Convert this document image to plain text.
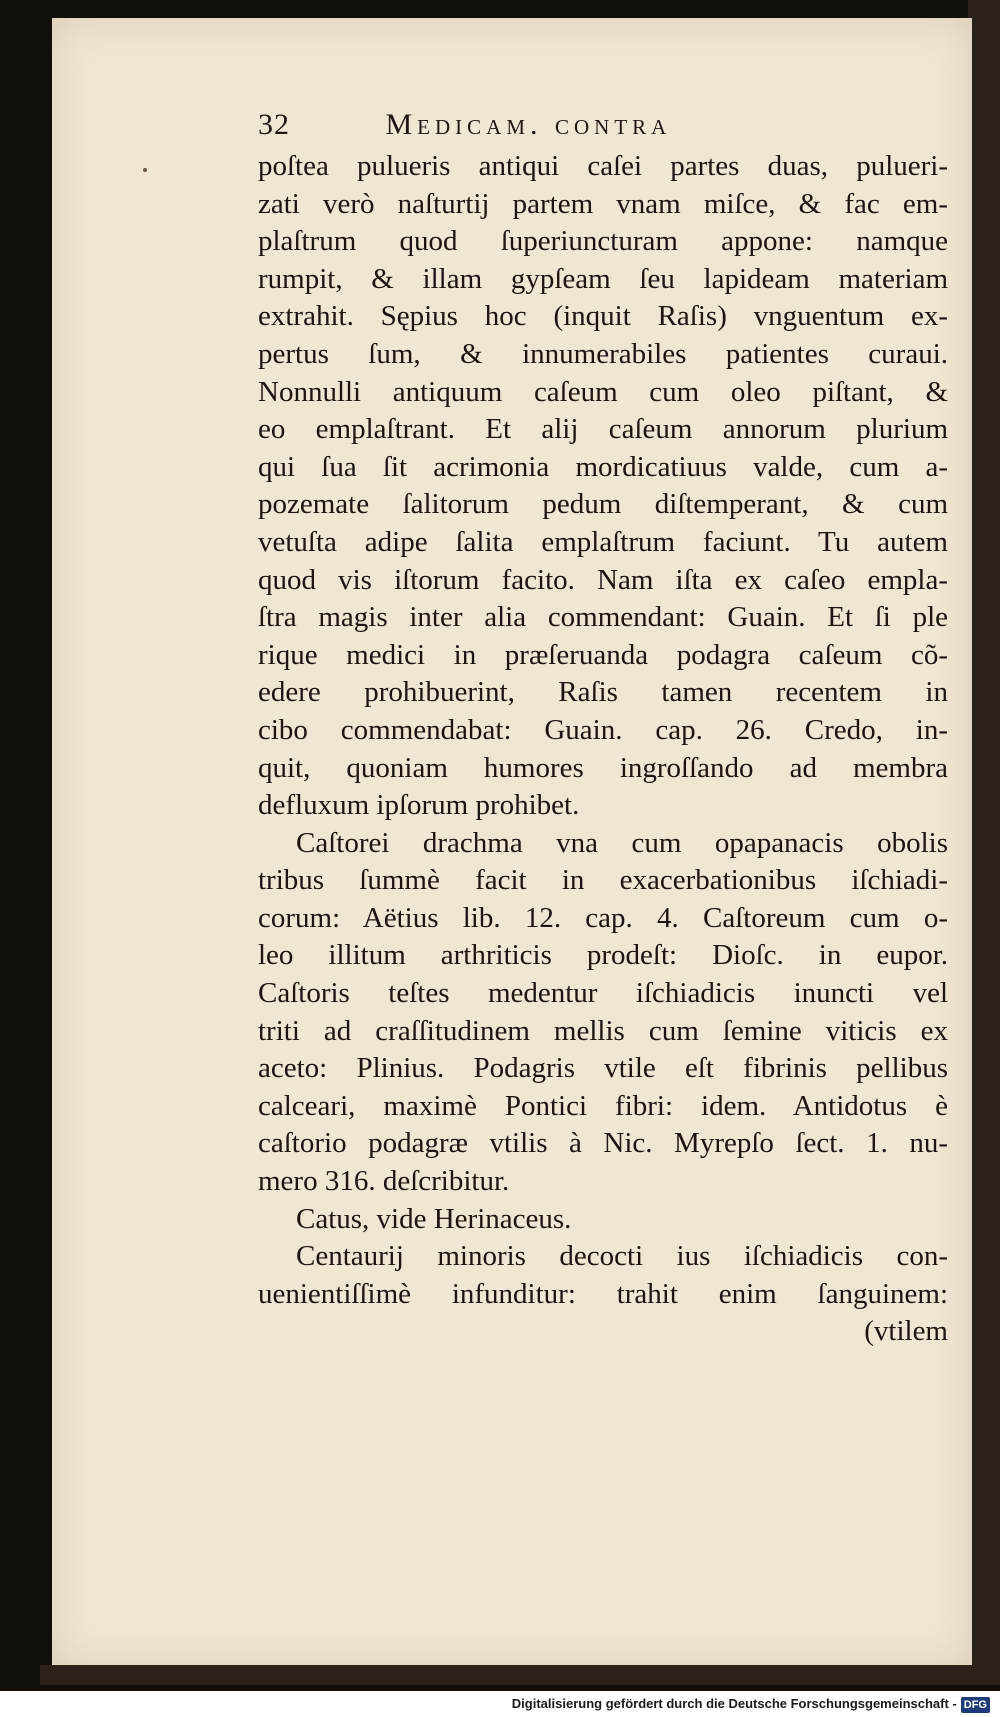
32	Medicam. contra
poſtea pulueris antiqui caſei partes duas, pulueri-
zati verò naſturtij partem vnam miſce, & fac em-
plaſtrum quod ſuperiuncturam appone: namque
rumpit, & illam gypſeam ſeu lapideam materiam
extrahit. Sępius hoc (inquit Raſis) vnguentum ex-
pertus ſum, & innumerabiles patientes curaui.
Nonnulli antiquum caſeum cum oleo piſtant, &
eo emplaſtrant. Et alij caſeum annorum plurium
qui ſua ſit acrimonia mordicatiuus valde, cum a-
pozemate ſalitorum pedum diſtemperant, & cum
vetuſta adipe ſalita emplaſtrum faciunt. Tu autem
quod vis iſtorum facito. Nam iſta ex caſeo empla-
ſtra magis inter alia commendant: Guain. Et ſi ple
rique medici in præſeruanda podagra caſeum cõ-
edere prohibuerint, Raſis tamen recentem in
cibo commendabat: Guain. cap. 26. Credo, in-
quit, quoniam humores ingroſſando ad membra
defluxum ipſorum prohibet.
Caſtorei drachma vna cum opapanacis obolis
tribus ſummè facit in exacerbationibus iſchiadi-
corum: Aëtius lib. 12. cap. 4. Caſtoreum cum o-
leo illitum arthriticis prodeſt: Dioſc. in eupor.
Caſtoris teſtes medentur iſchiadicis inuncti vel
triti ad craſſitudinem mellis cum ſemine viticis ex
aceto: Plinius. Podagris vtile eſt fibrinis pellibus
calceari, maximè Pontici fibri: idem. Antidotus è
caſtorio podagræ vtilis à Nic. Myrepſo ſect. 1. nu-
mero 316. deſcribitur.
Catus, vide Herinaceus.
Centaurij minoris decocti ius iſchiadicis con-
uenientiſſimè infunditur: trahit enim ſanguinem:
(vtilem
Digitalisierung gefördert durch die Deutsche Forschungsgemeinschaft - DFG
